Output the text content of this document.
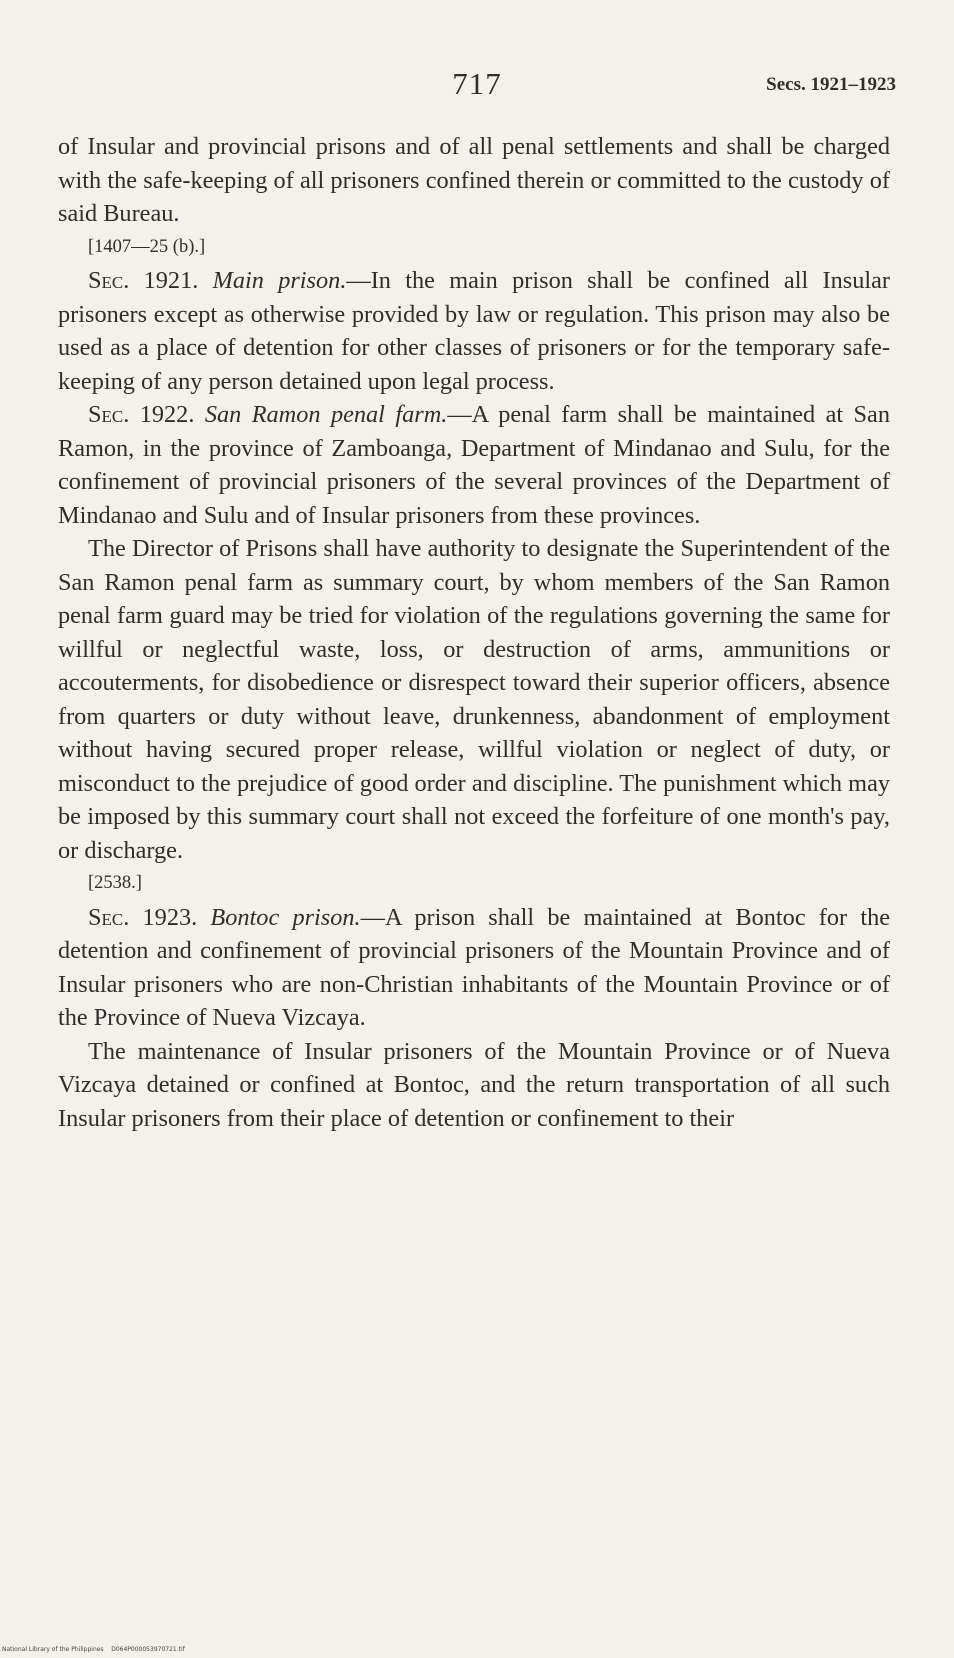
717	Secs. 1921–1923

of Insular and provincial prisons and of all penal settlements and shall be charged with the safe-keeping of all prisoners confined therein or committed to the custody of said Bureau.

[1407—25 (b).]

Sec. 1921. Main prison.—In the main prison shall be confined all Insular prisoners except as otherwise provided by law or regulation. This prison may also be used as a place of detention for other classes of prisoners or for the temporary safe-keeping of any person detained upon legal process.

Sec. 1922. San Ramon penal farm.—A penal farm shall be maintained at San Ramon, in the province of Zamboanga, Department of Mindanao and Sulu, for the confinement of provincial prisoners of the several provinces of the Department of Mindanao and Sulu and of Insular prisoners from these provinces.

The Director of Prisons shall have authority to designate the Superintendent of the San Ramon penal farm as summary court, by whom members of the San Ramon penal farm guard may be tried for violation of the regulations governing the same for willful or neglectful waste, loss, or destruction of arms, ammunitions or accouterments, for disobedience or disrespect toward their superior officers, absence from quarters or duty without leave, drunkenness, abandonment of employment without having secured proper release, willful violation or neglect of duty, or misconduct to the prejudice of good order and discipline. The punishment which may be imposed by this summary court shall not exceed the forfeiture of one month's pay, or discharge.

[2538.]

Sec. 1923. Bontoc prison.—A prison shall be maintained at Bontoc for the detention and confinement of provincial prisoners of the Mountain Province and of Insular prisoners who are non-Christian inhabitants of the Mountain Province or of the Province of Nueva Vizcaya.

The maintenance of Insular prisoners of the Mountain Province or of Nueva Vizcaya detained or confined at Bontoc, and the return transportation of all such Insular prisoners from their place of detention or confinement to their

National Library of the Philippines D064P000053970721.tif
